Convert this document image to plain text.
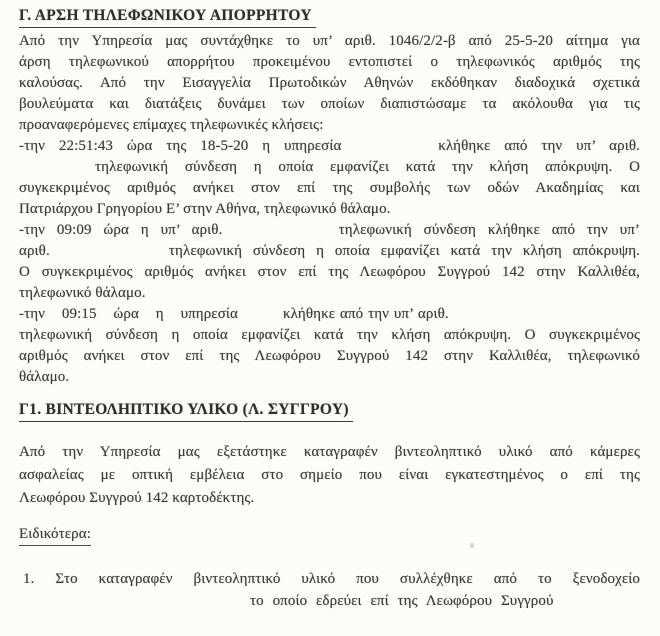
Γ. ΑΡΣΗ ΤΗΛΕΦΩΝΙΚΟΥ ΑΠΟΡΡΗΤΟΥ
Από την Υπηρεσία μας συντάχθηκε το υπ’ αριθ. 1046/2/2-β από 25-5-20 αίτημα για
άρση τηλεφωνικού απορρήτου προκειμένου εντοπιστεί ο τηλεφωνικός αριθμός της
καλούσας. Από την Εισαγγελία Πρωτοδικών Αθηνών εκδόθηκαν διαδοχικά σχετικά
βουλεύματα και διατάξεις δυνάμει των οποίων διαπιστώσαμε τα ακόλουθα για τις
προαναφερόμενες επίμαχες τηλεφωνικές κλήσεις:
-την 22:51:43 ώρα της 18-5-20 η υπηρεσία	κλήθηκε από την υπ’ αριθ.
τηλεφωνική σύνδεση η οποία εμφανίζει κατά την κλήση απόκρυψη. Ο
συγκεκριμένος αριθμός ανήκει στον επί της συμβολής των οδών Ακαδημίας και
Πατριάρχου Γρηγορίου Ε’ στην Αθήνα, τηλεφωνικό θάλαμο.
-την 09:09 ώρα η υπ’ αριθ.	τηλεφωνική σύνδεση κλήθηκε από την υπ’
αριθ.	τηλεφωνική σύνδεση η οποία εμφανίζει κατά την κλήση απόκρυψη.
Ο συγκεκριμένος αριθμός ανήκει στον επί της Λεωφόρου Συγγρού 142 στην Καλλιθέα,
τηλεφωνικό θάλαμο.
-την 09:15 ώρα η υπηρεσία	κλήθηκε από την υπ’ αριθ.
τηλεφωνική σύνδεση η οποία εμφανίζει κατά την κλήση απόκρυψη. Ο συγκεκριμένος
αριθμός ανήκει στον επί της Λεωφόρου Συγγρού 142 στην Καλλιθέα, τηλεφωνικό
θάλαμο.
Γ1. ΒΙΝΤΕΟΛΗΠΤΙΚΟ ΥΛΙΚΟ (Λ. ΣΥΓΓΡΟΥ)
Από την Υπηρεσία μας εξετάστηκε καταγραφέν βιντεοληπτικό υλικό από κάμερες
ασφαλείας με οπτική εμβέλεια στο σημείο που είναι εγκατεστημένος ο επί της
Λεωφόρου Συγγρού 142 καρτοδέκτης.
Ειδικότερα:
1. Στο καταγραφέν βιντεοληπτικό υλικό που συλλέχθηκε από το ξενοδοχείο
το οποίο εδρεύει επί της Λεωφόρου Συγγρού
